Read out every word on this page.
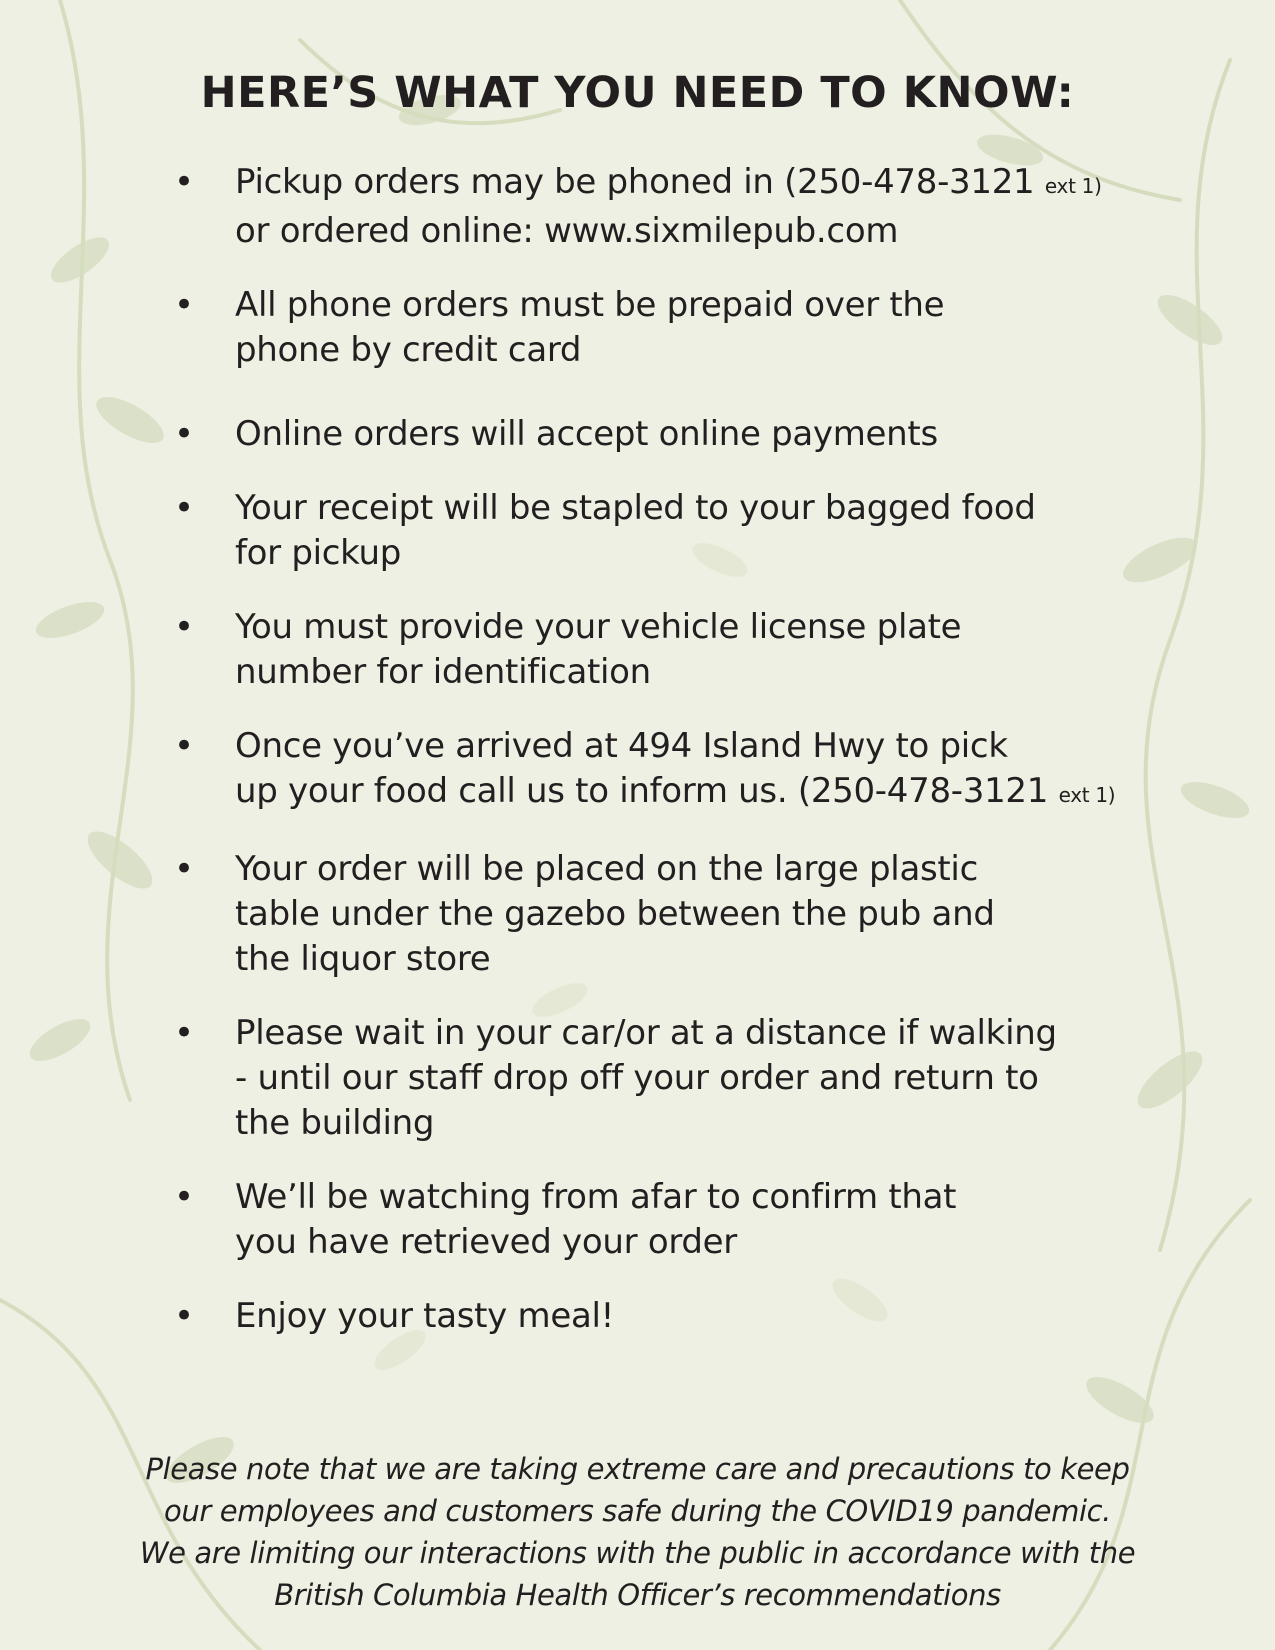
HERE’S WHAT YOU NEED TO KNOW:
• Pickup orders may be phoned in (250-478-3121 ext 1)
or ordered online: www.sixmilepub.com
• All phone orders must be prepaid over the
phone by credit card
• Online orders will accept online payments
• Your receipt will be stapled to your bagged food
for pickup
• You must provide your vehicle license plate
number for identification
• Once you’ve arrived at 494 Island Hwy to pick
up your food call us to inform us. (250-478-3121 ext 1)
• Your order will be placed on the large plastic
table under the gazebo between the pub and
the liquor store
• Please wait in your car/or at a distance if walking
- until our staff drop off your order and return to
the building
• We’ll be watching from afar to confirm that
you have retrieved your order
• Enjoy your tasty meal!
Please note that we are taking extreme care and precautions to keep
our employees and customers safe during the COVID19 pandemic.
We are limiting our interactions with the public in accordance with the
British Columbia Health Officer’s recommendations
